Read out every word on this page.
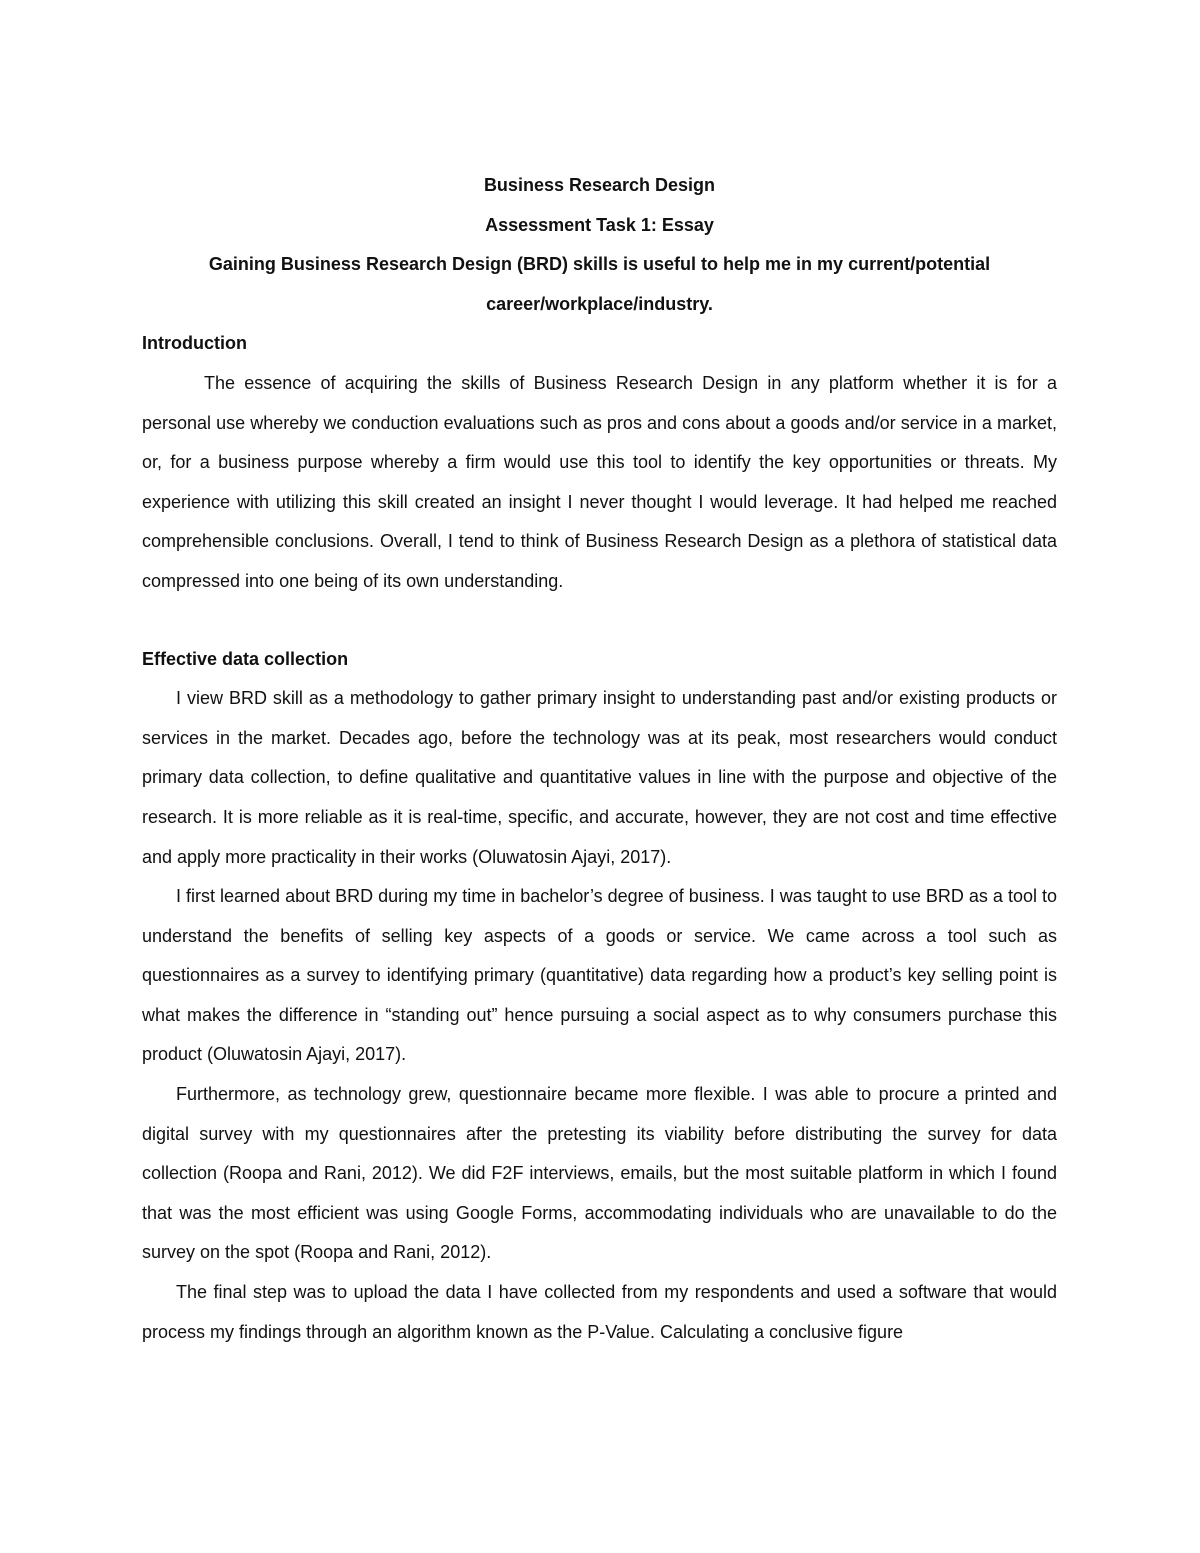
Business Research Design

Assessment Task 1: Essay

Gaining Business Research Design (BRD) skills is useful to help me in my current/potential career/workplace/industry.

Introduction

The essence of acquiring the skills of Business Research Design in any platform whether it is for a personal use whereby we conduction evaluations such as pros and cons about a goods and/or service in a market, or, for a business purpose whereby a firm would use this tool to identify the key opportunities or threats. My experience with utilizing this skill created an insight I never thought I would leverage. It had helped me reached comprehensible conclusions. Overall, I tend to think of Business Research Design as a plethora of statistical data compressed into one being of its own understanding.

Effective data collection

I view BRD skill as a methodology to gather primary insight to understanding past and/or existing products or services in the market. Decades ago, before the technology was at its peak, most researchers would conduct primary data collection, to define qualitative and quantitative values in line with the purpose and objective of the research. It is more reliable as it is real-time, specific, and accurate, however, they are not cost and time effective and apply more practicality in their works (Oluwatosin Ajayi, 2017).

I first learned about BRD during my time in bachelor’s degree of business. I was taught to use BRD as a tool to understand the benefits of selling key aspects of a goods or service. We came across a tool such as questionnaires as a survey to identifying primary (quantitative) data regarding how a product’s key selling point is what makes the difference in “standing out” hence pursuing a social aspect as to why consumers purchase this product (Oluwatosin Ajayi, 2017).

Furthermore, as technology grew, questionnaire became more flexible. I was able to procure a printed and digital survey with my questionnaires after the pretesting its viability before distributing the survey for data collection (Roopa and Rani, 2012). We did F2F interviews, emails, but the most suitable platform in which I found that was the most efficient was using Google Forms, accommodating individuals who are unavailable to do the survey on the spot (Roopa and Rani, 2012).

The final step was to upload the data I have collected from my respondents and used a software that would process my findings through an algorithm known as the P-Value. Calculating a conclusive figure
